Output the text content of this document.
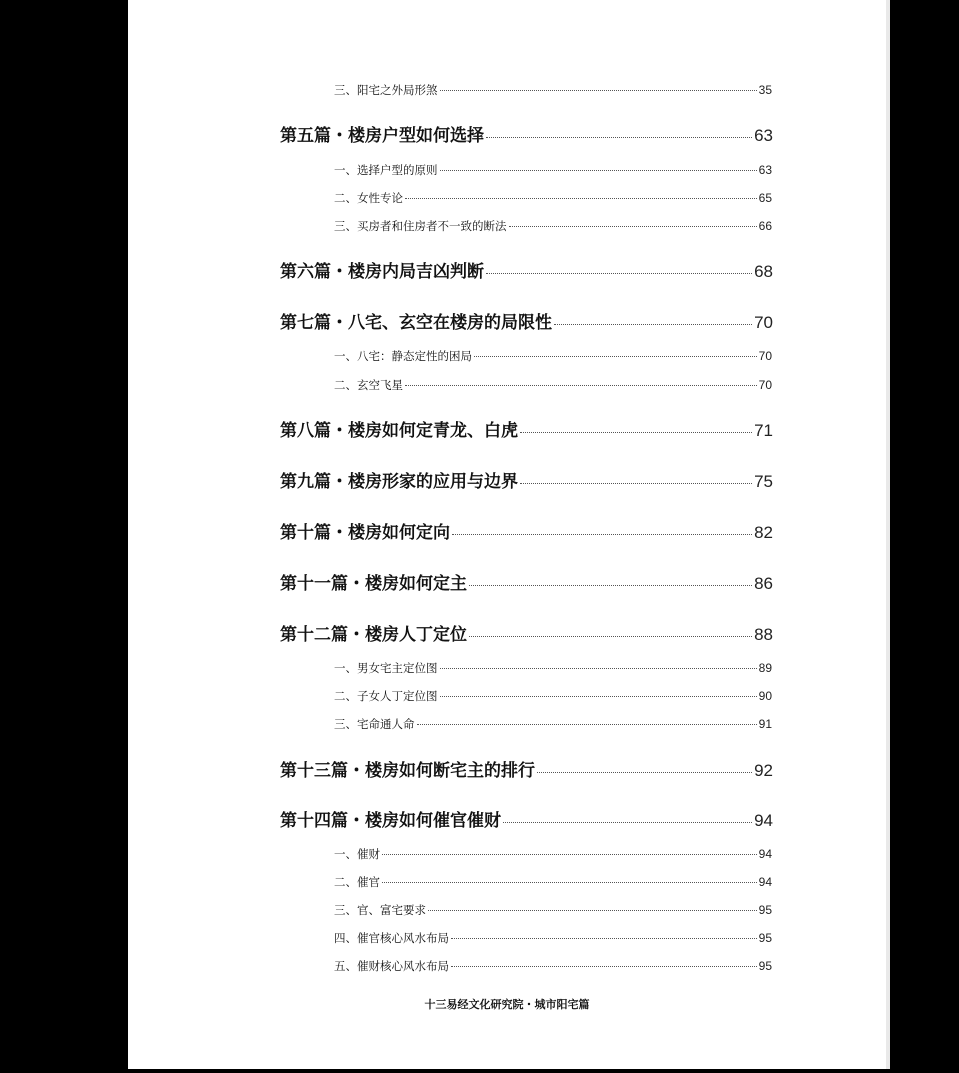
三、阳宅之外局形煞	35
第五篇・楼房户型如何选择	63
一、选择户型的原则	63
二、女性专论	65
三、买房者和住房者不一致的断法	66
第六篇・楼房内局吉凶判断	68
第七篇・八宅、玄空在楼房的局限性	70
一、八宅：静态定性的困局	70
二、玄空飞星	70
第八篇・楼房如何定青龙、白虎	71
第九篇・楼房形家的应用与边界	75
第十篇・楼房如何定向	82
第十一篇・楼房如何定主	86
第十二篇・楼房人丁定位	88
一、男女宅主定位图	89
二、子女人丁定位图	90
三、宅命通人命	91
第十三篇・楼房如何断宅主的排行	92
第十四篇・楼房如何催官催财	94
一、催财	94
二、催官	94
三、官、富宅要求	95
四、催官核心风水布局	95
五、催财核心风水布局	95
十三易经文化研究院・城市阳宅篇
